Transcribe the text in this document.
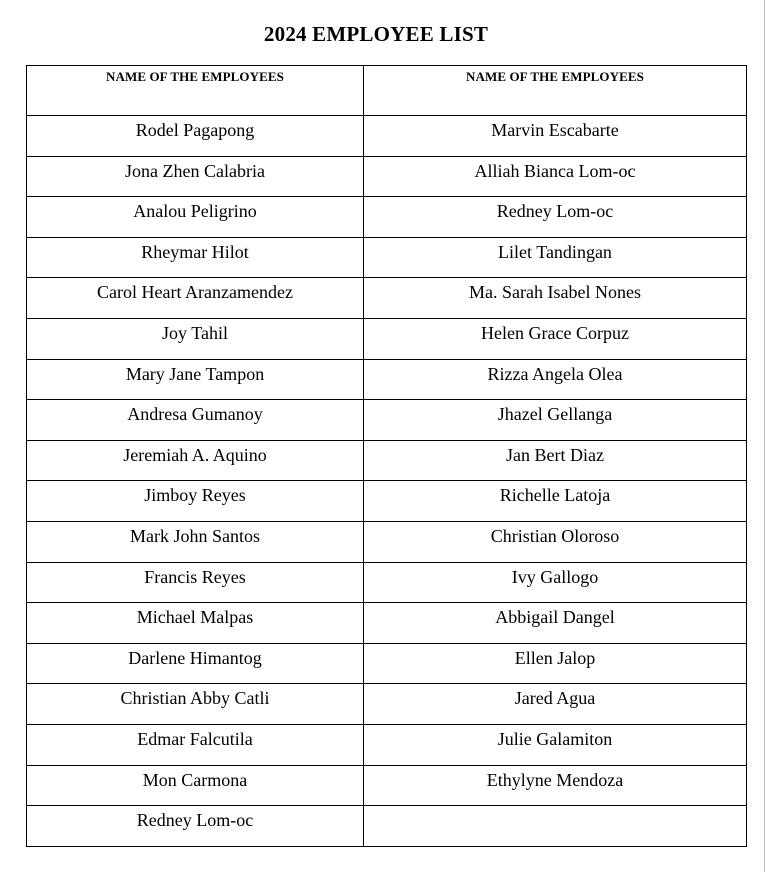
2024 EMPLOYEE LIST
NAME OF THE EMPLOYEES	NAME OF THE EMPLOYEES
Rodel Pagapong	Marvin Escabarte
Jona Zhen Calabria	Alliah Bianca Lom-oc
Analou Peligrino	Redney Lom-oc
Rheymar Hilot	Lilet Tandingan
Carol Heart Aranzamendez	Ma. Sarah Isabel Nones
Joy Tahil	Helen Grace Corpuz
Mary Jane Tampon	Rizza Angela Olea
Andresa Gumanoy	Jhazel Gellanga
Jeremiah A. Aquino	Jan Bert Diaz
Jimboy Reyes	Richelle Latoja
Mark John Santos	Christian Oloroso
Francis Reyes	Ivy Gallogo
Michael Malpas	Abbigail Dangel
Darlene Himantog	Ellen Jalop
Christian Abby Catli	Jared Agua
Edmar Falcutila	Julie Galamiton
Mon Carmona	Ethylyne Mendoza
Redney Lom-oc	
